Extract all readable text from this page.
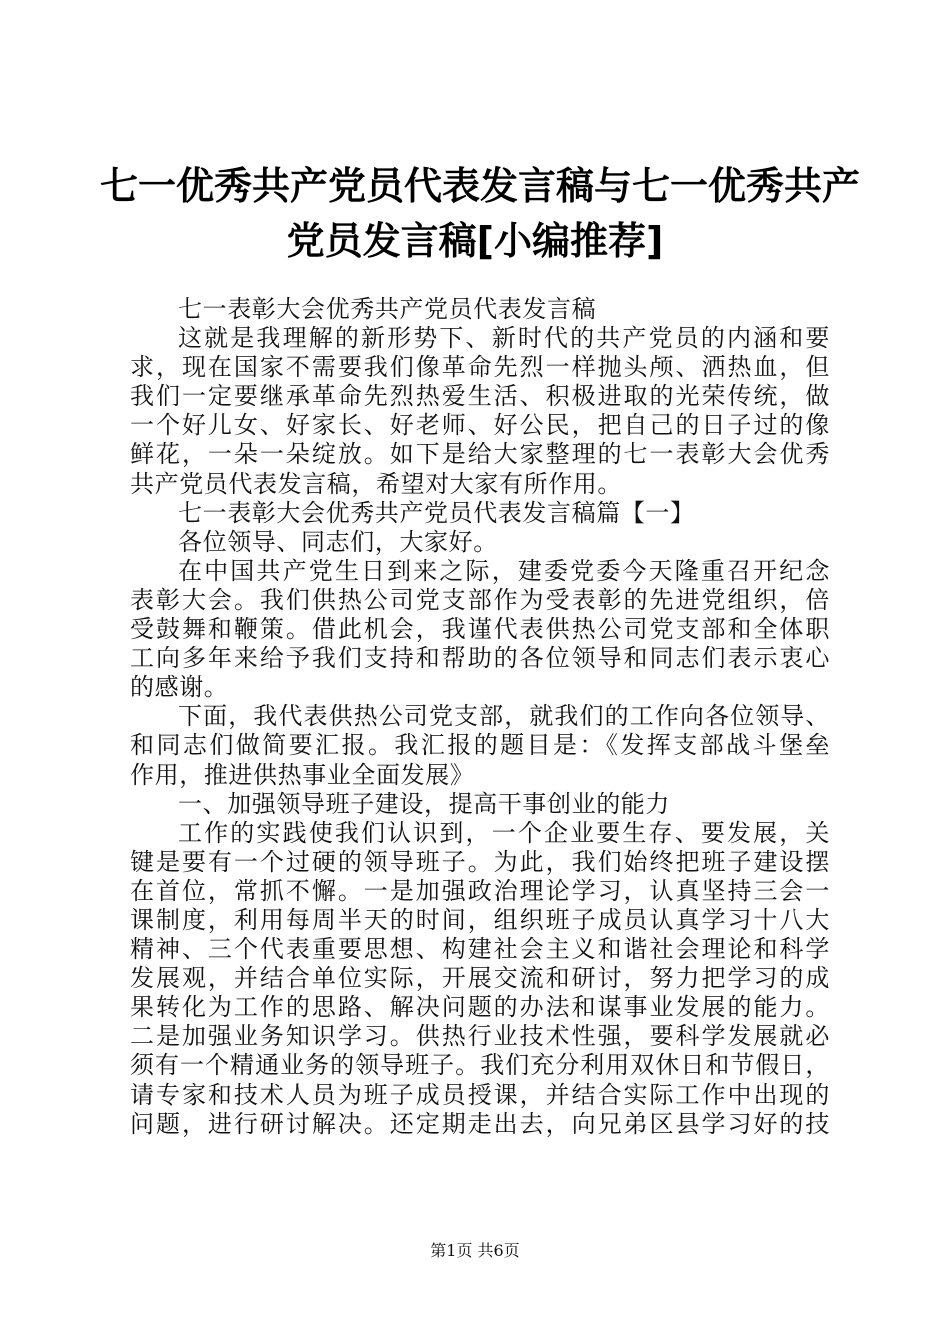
七一优秀共产党员代表发言稿与七一优秀共产
党员发言稿[小编推荐]
七一表彰大会优秀共产党员代表发言稿
这就是我理解的新形势下、新时代的共产党员的内涵和要
求，现在国家不需要我们像革命先烈一样抛头颅、洒热血，但
我们一定要继承革命先烈热爱生活、积极进取的光荣传统，做
一个好儿女、好家长、好老师、好公民，把自己的日子过的像
鲜花，一朵一朵绽放。如下是给大家整理的七一表彰大会优秀
共产党员代表发言稿，希望对大家有所作用。
七一表彰大会优秀共产党员代表发言稿篇【一】
各位领导、同志们，大家好。
在中国共产党生日到来之际，建委党委今天隆重召开纪念
表彰大会。我们供热公司党支部作为受表彰的先进党组织，倍
受鼓舞和鞭策。借此机会，我谨代表供热公司党支部和全体职
工向多年来给予我们支持和帮助的各位领导和同志们表示衷心
的感谢。
下面，我代表供热公司党支部，就我们的工作向各位领导、
和同志们做简要汇报。我汇报的题目是：《发挥支部战斗堡垒
作用，推进供热事业全面发展》
一、加强领导班子建设，提高干事创业的能力
工作的实践使我们认识到，一个企业要生存、要发展，关
键是要有一个过硬的领导班子。为此，我们始终把班子建设摆
在首位，常抓不懈。一是加强政治理论学习，认真坚持三会一
课制度，利用每周半天的时间，组织班子成员认真学习十八大
精神、三个代表重要思想、构建社会主义和谐社会理论和科学
发展观，并结合单位实际，开展交流和研讨，努力把学习的成
果转化为工作的思路、解决问题的办法和谋事业发展的能力。
二是加强业务知识学习。供热行业技术性强，要科学发展就必
须有一个精通业务的领导班子。我们充分利用双休日和节假日，
请专家和技术人员为班子成员授课，并结合实际工作中出现的
问题，进行研讨解决。还定期走出去，向兄弟区县学习好的技
第1页 共6页
